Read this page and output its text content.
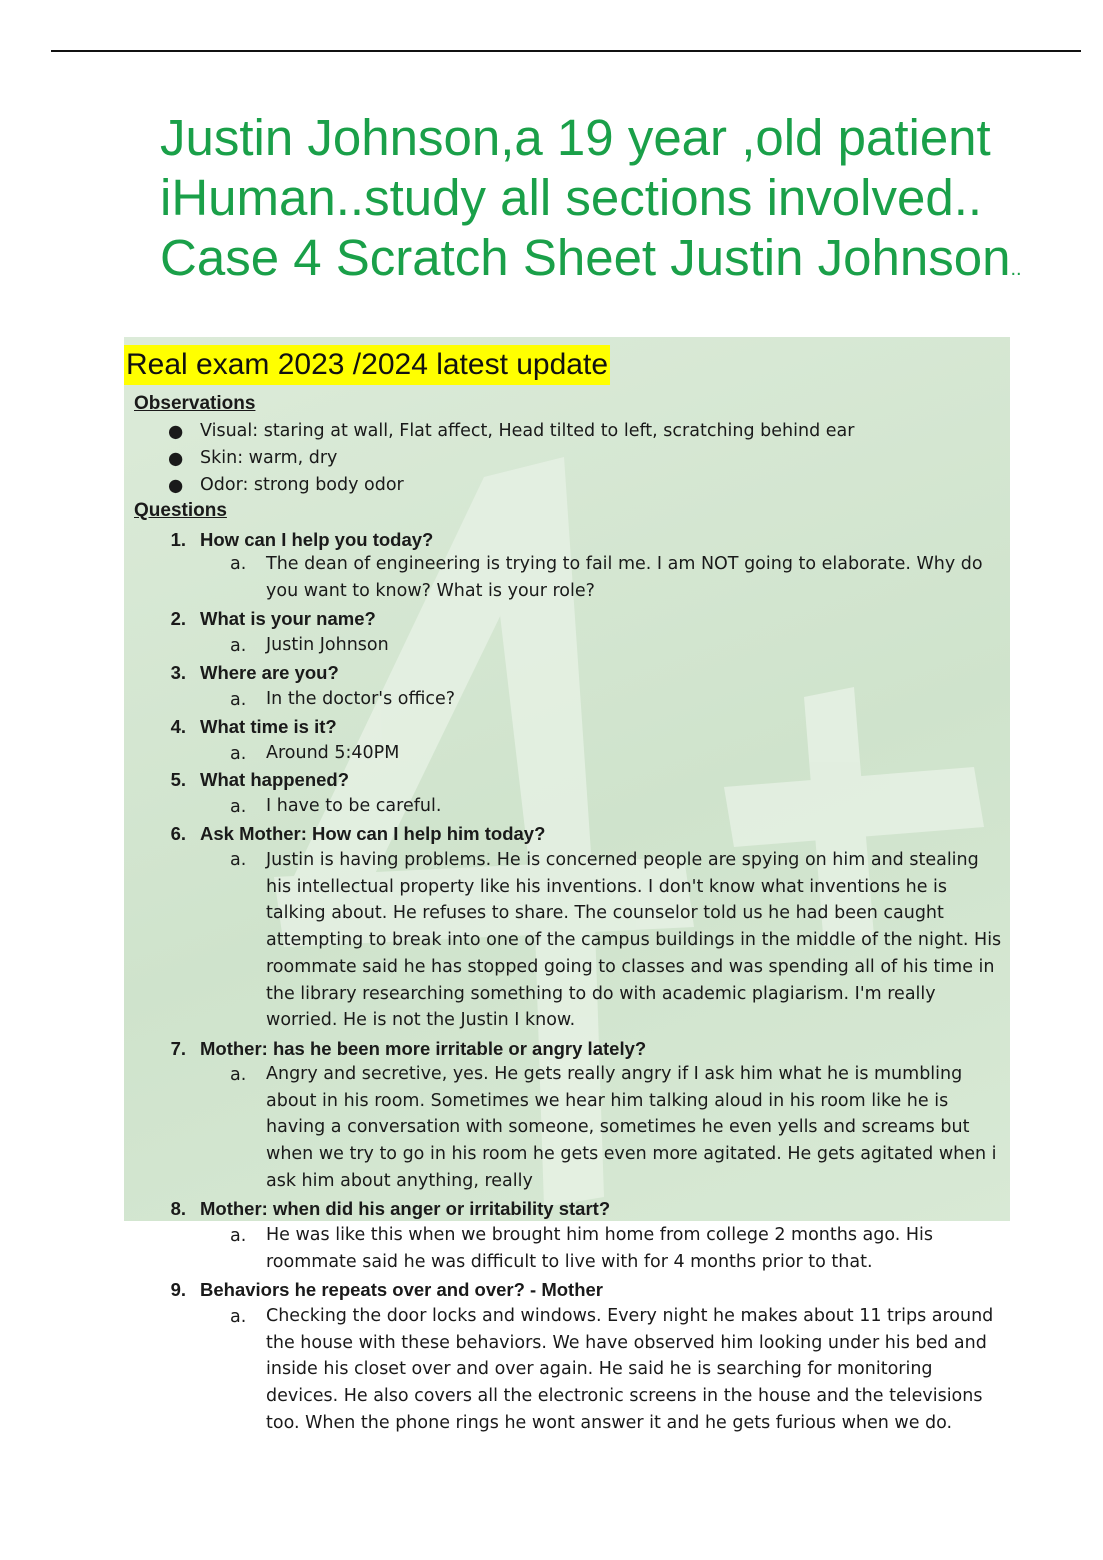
Justin Johnson,a 19 year ,old patient iHuman..study all sections involved.. Case 4 Scratch Sheet Justin Johnson..
Real exam 2023 /2024 latest update
Observations
● Visual: staring at wall, Flat affect, Head tilted to left, scratching behind ear
● Skin: warm, dry
● Odor: strong body odor
Questions
1. How can I help you today?
a. The dean of engineering is trying to fail me. I am NOT going to elaborate. Why do you want to know? What is your role?
2. What is your name?
a. Justin Johnson
3. Where are you?
a. In the doctor's office?
4. What time is it?
a. Around 5:40PM
5. What happened?
a. I have to be careful.
6. Ask Mother: How can I help him today?
a. Justin is having problems. He is concerned people are spying on him and stealing his intellectual property like his inventions. I don't know what inventions he is talking about. He refuses to share. The counselor told us he had been caught attempting to break into one of the campus buildings in the middle of the night. His roommate said he has stopped going to classes and was spending all of his time in the library researching something to do with academic plagiarism. I'm really worried. He is not the Justin I know.
7. Mother: has he been more irritable or angry lately?
a. Angry and secretive, yes. He gets really angry if I ask him what he is mumbling about in his room. Sometimes we hear him talking aloud in his room like he is having a conversation with someone, sometimes he even yells and screams but when we try to go in his room he gets even more agitated. He gets agitated when i ask him about anything, really
8. Mother: when did his anger or irritability start?
a. He was like this when we brought him home from college 2 months ago. His roommate said he was difficult to live with for 4 months prior to that.
9. Behaviors he repeats over and over? - Mother
a. Checking the door locks and windows. Every night he makes about 11 trips around the house with these behaviors. We have observed him looking under his bed and inside his closet over and over again. He said he is searching for monitoring devices. He also covers all the electronic screens in the house and the televisions too. When the phone rings he wont answer it and he gets furious when we do.
